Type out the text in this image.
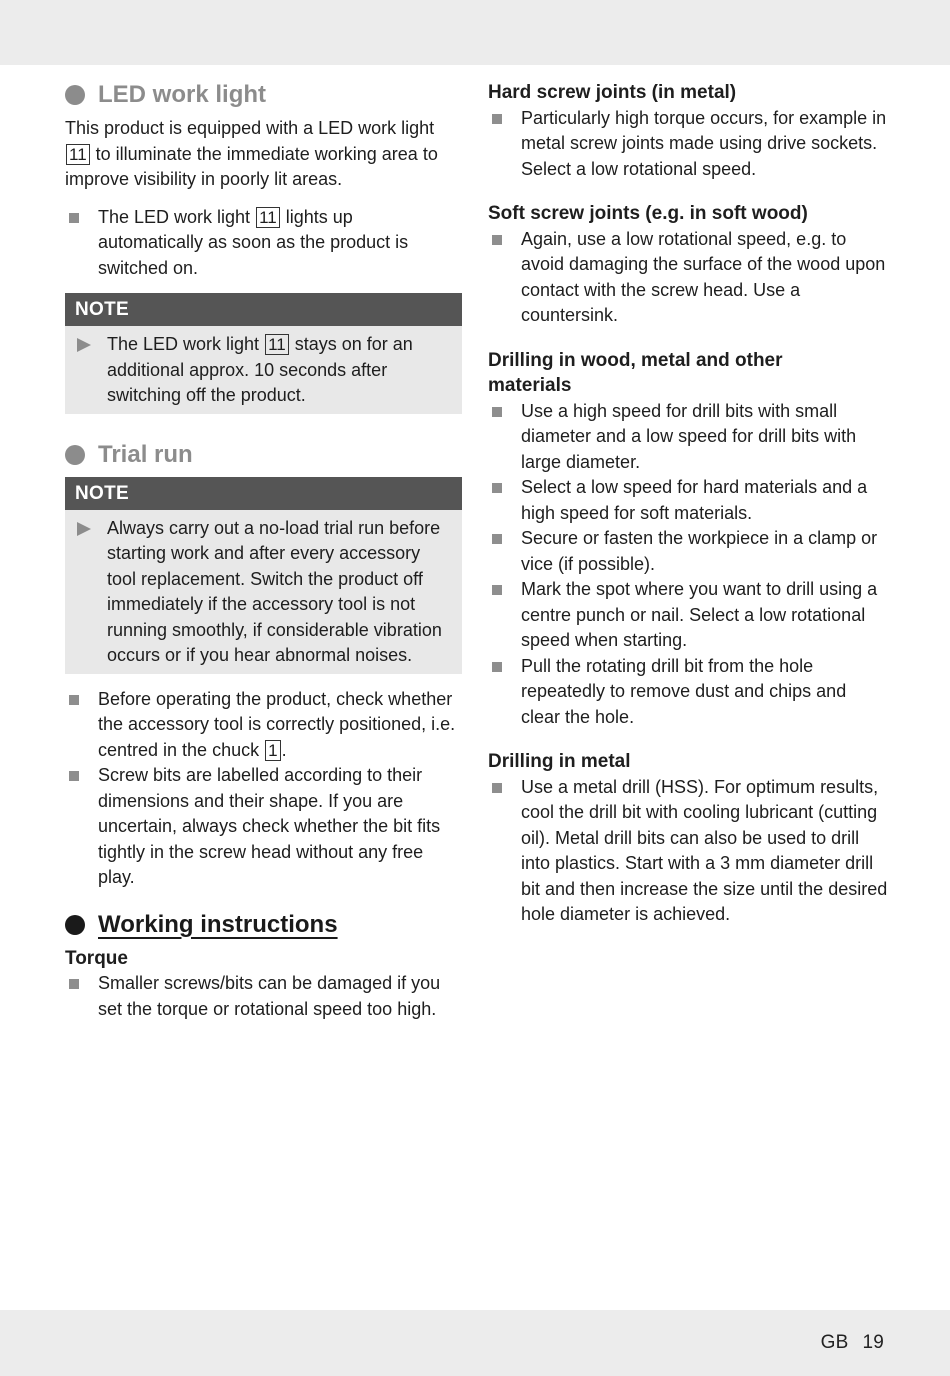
LED work light

This product is equipped with a LED work light
11 to illuminate the immediate working area to improve visibility in poorly lit areas.

The LED work light 11 lights up automatically as soon as the product is switched on.
NOTE
The LED work light 11 stays on for an additional approx. 10 seconds after switching off the product.
Trial run
NOTE
Always carry out a no-load trial run before starting work and after every accessory tool replacement. Switch the product off immediately if the accessory tool is not running smoothly, if considerable vibration occurs or if you hear abnormal noises.
Before operating the product, check whether the accessory tool is correctly positioned, i.e. centred in the chuck 1 .
Screw bits are labelled according to their dimensions and their shape. If you are uncertain, always check whether the bit fits tightly in the screw head without any free play.
Working instructions
Torque
Smaller screws/bits can be damaged if you set the torque or rotational speed too high.
Hard screw joints (in metal)
Particularly high torque occurs, for example in metal screw joints made using drive sockets. Select a low rotational speed.
Soft screw joints (e.g. in soft wood)
Again, use a low rotational speed, e.g. to avoid damaging the surface of the wood upon contact with the screw head. Use a countersink.
Drilling in wood, metal and other materials
Use a high speed for drill bits with small diameter and a low speed for drill bits with large diameter.
Select a low speed for hard materials and a high speed for soft materials.
Secure or fasten the workpiece in a clamp or vice (if possible).
Mark the spot where you want to drill using a centre punch or nail. Select a low rotational speed when starting.
Pull the rotating drill bit from the hole repeatedly to remove dust and chips and clear the hole.
Drilling in metal
Use a metal drill (HSS). For optimum results, cool the drill bit with cooling lubricant (cutting oil). Metal drill bits can also be used to drill into plastics. Start with a 3 mm diameter drill bit and then increase the size until the desired hole diameter is achieved.
GB 19
